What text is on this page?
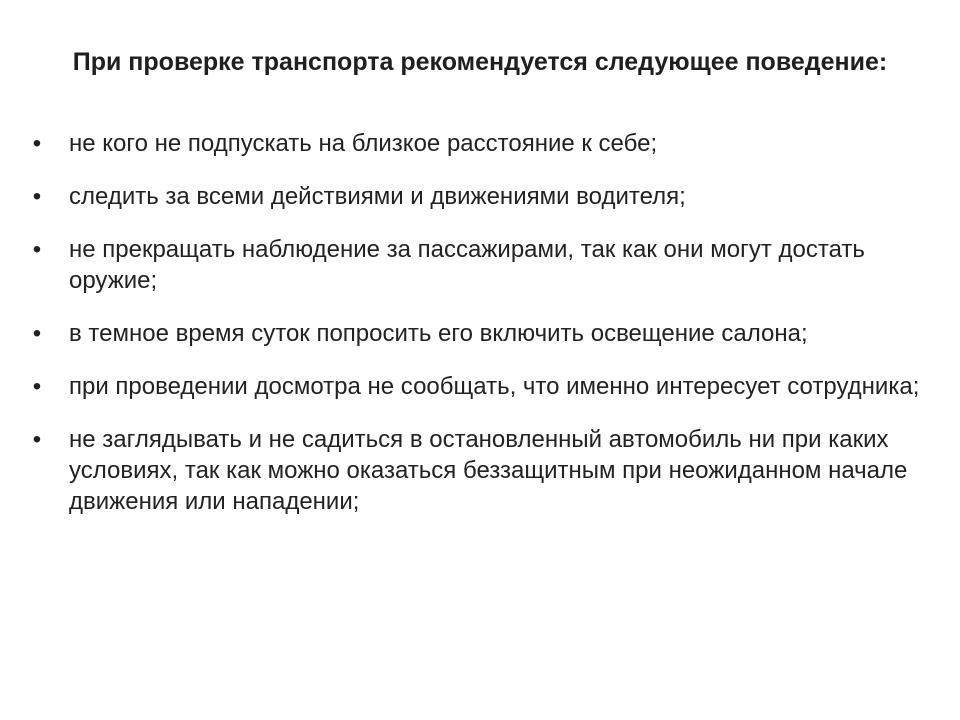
При проверке транспорта рекомендуется следующее поведение:
• не кого не подпускать на близкое расстояние к себе;
• следить за всеми действиями и движениями водителя;
• не прекращать наблюдение за пассажирами, так как они могут достать оружие;
• в темное время суток попросить его включить освещение салона;
• при проведении досмотра не сообщать, что именно интересует сотрудника;
• не заглядывать и не садиться в остановленный автомобиль ни при каких условиях, так как можно оказаться беззащитным при неожиданном начале движения или нападении;
